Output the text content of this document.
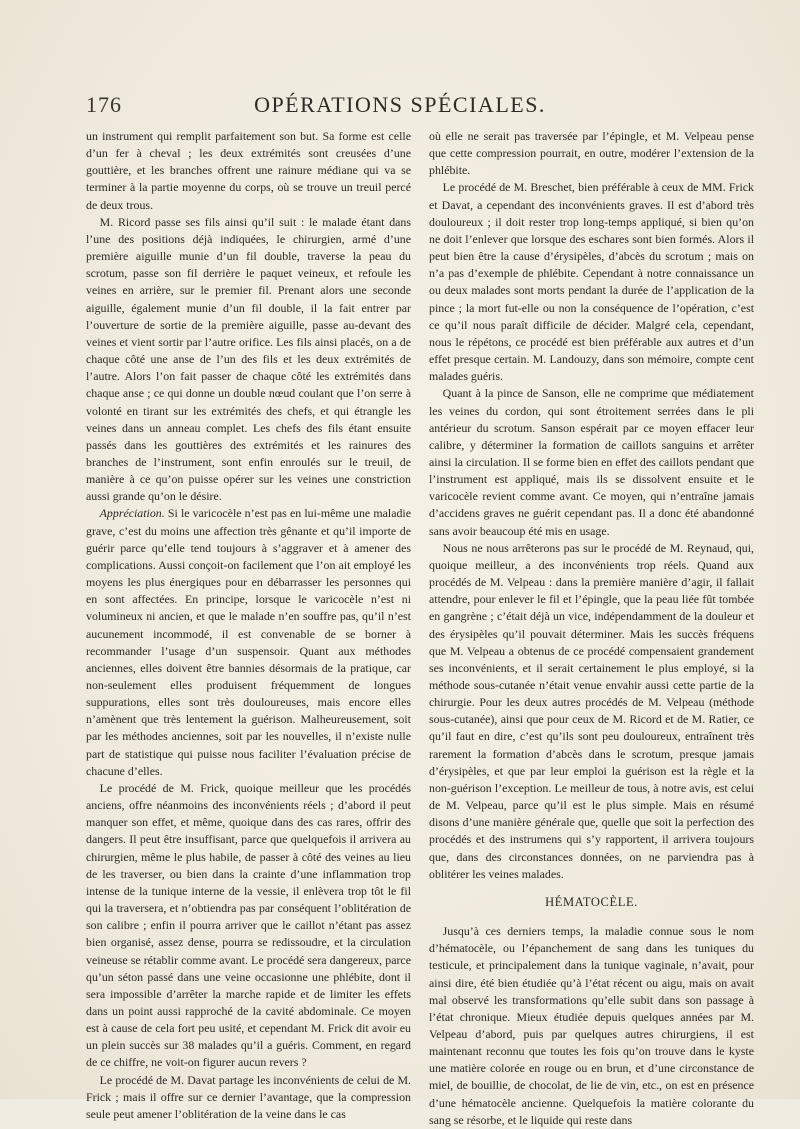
176	OPÉRATIONS SPÉCIALES.

un instrument qui remplit parfaitement son but. Sa forme est celle d’un fer à cheval ; les deux extrémités sont creusées d’une gouttière, et les branches offrent une rainure médiane qui va se terminer à la partie moyenne du corps, où se trouve un treuil percé de deux trous.

M. Ricord passe ses fils ainsi qu’il suit : le malade étant dans l’une des positions déjà indiquées, le chirurgien, armé d’une première aiguille munie d’un fil double, traverse la peau du scrotum, passe son fil derrière le paquet veineux, et refoule les veines en arrière, sur le premier fil. Prenant alors une seconde aiguille, également munie d’un fil double, il la fait entrer par l’ouverture de sortie de la première aiguille, passe au-devant des veines et vient sortir par l’autre orifice. Les fils ainsi placés, on a de chaque côté une anse de l’un des fils et les deux extrémités de l’autre. Alors l’on fait passer de chaque côté les extrémités dans chaque anse ; ce qui donne un double nœud coulant que l’on serre à volonté en tirant sur les extrémités des chefs, et qui étrangle les veines dans un anneau complet. Les chefs des fils étant ensuite passés dans les gouttières des extrémités et les rainures des branches de l’instrument, sont enfin enroulés sur le treuil, de manière à ce qu’on puisse opérer sur les veines une constriction aussi grande qu’on le désire.

Appréciation. Si le varicocèle n’est pas en lui-même une maladie grave, c’est du moins une affection très gênante et qu’il importe de guérir parce qu’elle tend toujours à s’aggraver et à amener des complications. Aussi conçoit-on facilement que l’on ait employé les moyens les plus énergiques pour en débarrasser les personnes qui en sont affectées. En principe, lorsque le varicocèle n’est ni volumineux ni ancien, et que le malade n’en souffre pas, qu’il n’est aucunement incommodé, il est convenable de se borner à recommander l’usage d’un suspensoir. Quant aux méthodes anciennes, elles doivent être bannies désormais de la pratique, car non-seulement elles produisent fréquemment de longues suppurations, elles sont très douloureuses, mais encore elles n’amènent que très lentement la guérison. Malheureusement, soit par les méthodes anciennes, soit par les nouvelles, il n’existe nulle part de statistique qui puisse nous faciliter l’évaluation précise de chacune d’elles.

Le procédé de M. Frick, quoique meilleur que les procédés anciens, offre néanmoins des inconvénients réels ; d’abord il peut manquer son effet, et même, quoique dans des cas rares, offrir des dangers. Il peut être insuffisant, parce que quelquefois il arrivera au chirurgien, même le plus habile, de passer à côté des veines au lieu de les traverser, ou bien dans la crainte d’une inflammation trop intense de la tunique interne de la vessie, il enlèvera trop tôt le fil qui la traversera, et n’obtiendra pas par conséquent l’oblitération de son calibre ; enfin il pourra arriver que le caillot n’étant pas assez bien organisé, assez dense, pourra se redissoudre, et la circulation veineuse se rétablir comme avant. Le procédé sera dangereux, parce qu’un séton passé dans une veine occasionne une phlébite, dont il sera impossible d’arrêter la marche rapide et de limiter les effets dans un point aussi rapproché de la cavité abdominale. Ce moyen est à cause de cela fort peu usité, et cependant M. Frick dit avoir eu un plein succès sur 38 malades qu’il a guéris. Comment, en regard de ce chiffre, ne voit-on figurer aucun revers ?

Le procédé de M. Davat partage les inconvénients de celui de M. Frick ; mais il offre sur ce dernier l’avantage, que la compression seule peut amener l’oblitération de la veine dans le cas

où elle ne serait pas traversée par l’épingle, et M. Velpeau pense que cette compression pourrait, en outre, modérer l’extension de la phlébite.

Le procédé de M. Breschet, bien préférable à ceux de MM. Frick et Davat, a cependant des inconvénients graves. Il est d’abord très douloureux ; il doit rester trop long-temps appliqué, si bien qu’on ne doit l’enlever que lorsque des eschares sont bien formés. Alors il peut bien être la cause d’érysipèles, d’abcès du scrotum ; mais on n’a pas d’exemple de phlébite. Cependant à notre connaissance un ou deux malades sont morts pendant la durée de l’application de la pince ; la mort fut-elle ou non la conséquence de l’opération, c’est ce qu’il nous paraît difficile de décider. Malgré cela, cependant, nous le répétons, ce procédé est bien préférable aux autres et d’un effet presque certain. M. Landouzy, dans son mémoire, compte cent malades guéris.

Quant à la pince de Sanson, elle ne comprime que médiatement les veines du cordon, qui sont étroitement serrées dans le pli antérieur du scrotum. Sanson espérait par ce moyen effacer leur calibre, y déterminer la formation de caillots sanguins et arrêter ainsi la circulation. Il se forme bien en effet des caillots pendant que l’instrument est appliqué, mais ils se dissolvent ensuite et le varicocèle revient comme avant. Ce moyen, qui n’entraîne jamais d’accidens graves ne guérit cependant pas. Il a donc été abandonné sans avoir beaucoup été mis en usage.

Nous ne nous arrêterons pas sur le procédé de M. Reynaud, qui, quoique meilleur, a des inconvénients trop réels. Quand aux procédés de M. Velpeau : dans la première manière d’agir, il fallait attendre, pour enlever le fil et l’épingle, que la peau liée fût tombée en gangrène ; c’était déjà un vice, indépendamment de la douleur et des érysipèles qu’il pouvait déterminer. Mais les succès fréquens que M. Velpeau a obtenus de ce procédé compensaient grandement ses inconvénients, et il serait certainement le plus employé, si la méthode sous-cutanée n’était venue envahir aussi cette partie de la chirurgie. Pour les deux autres procédés de M. Velpeau (méthode sous-cutanée), ainsi que pour ceux de M. Ricord et de M. Ratier, ce qu’il faut en dire, c’est qu’ils sont peu douloureux, entraînent très rarement la formation d’abcès dans le scrotum, presque jamais d’érysipèles, et que par leur emploi la guérison est la règle et la non-guérison l’exception. Le meilleur de tous, à notre avis, est celui de M. Velpeau, parce qu’il est le plus simple. Mais en résumé disons d’une manière générale que, quelle que soit la perfection des procédés et des instrumens qui s’y rapportent, il arrivera toujours que, dans des circonstances données, on ne parviendra pas à oblitérer les veines malades.

HÉMATOCÈLE.

Jusqu’à ces derniers temps, la maladie connue sous le nom d’hématocèle, ou l’épanchement de sang dans les tuniques du testicule, et principalement dans la tunique vaginale, n’avait, pour ainsi dire, été bien étudiée qu’à l’état récent ou aigu, mais on avait mal observé les transformations qu’elle subit dans son passage à l’état chronique. Mieux étudiée depuis quelques années par M. Velpeau d’abord, puis par quelques autres chirurgiens, il est maintenant reconnu que toutes les fois qu’on trouve dans le kyste une matière colorée en rouge ou en brun, et d’une circonstance de miel, de bouillie, de chocolat, de lie de vin, etc., on est en présence d’une hématocèle ancienne. Quelquefois la matière colorante du sang se résorbe, et le liquide qui reste dans
